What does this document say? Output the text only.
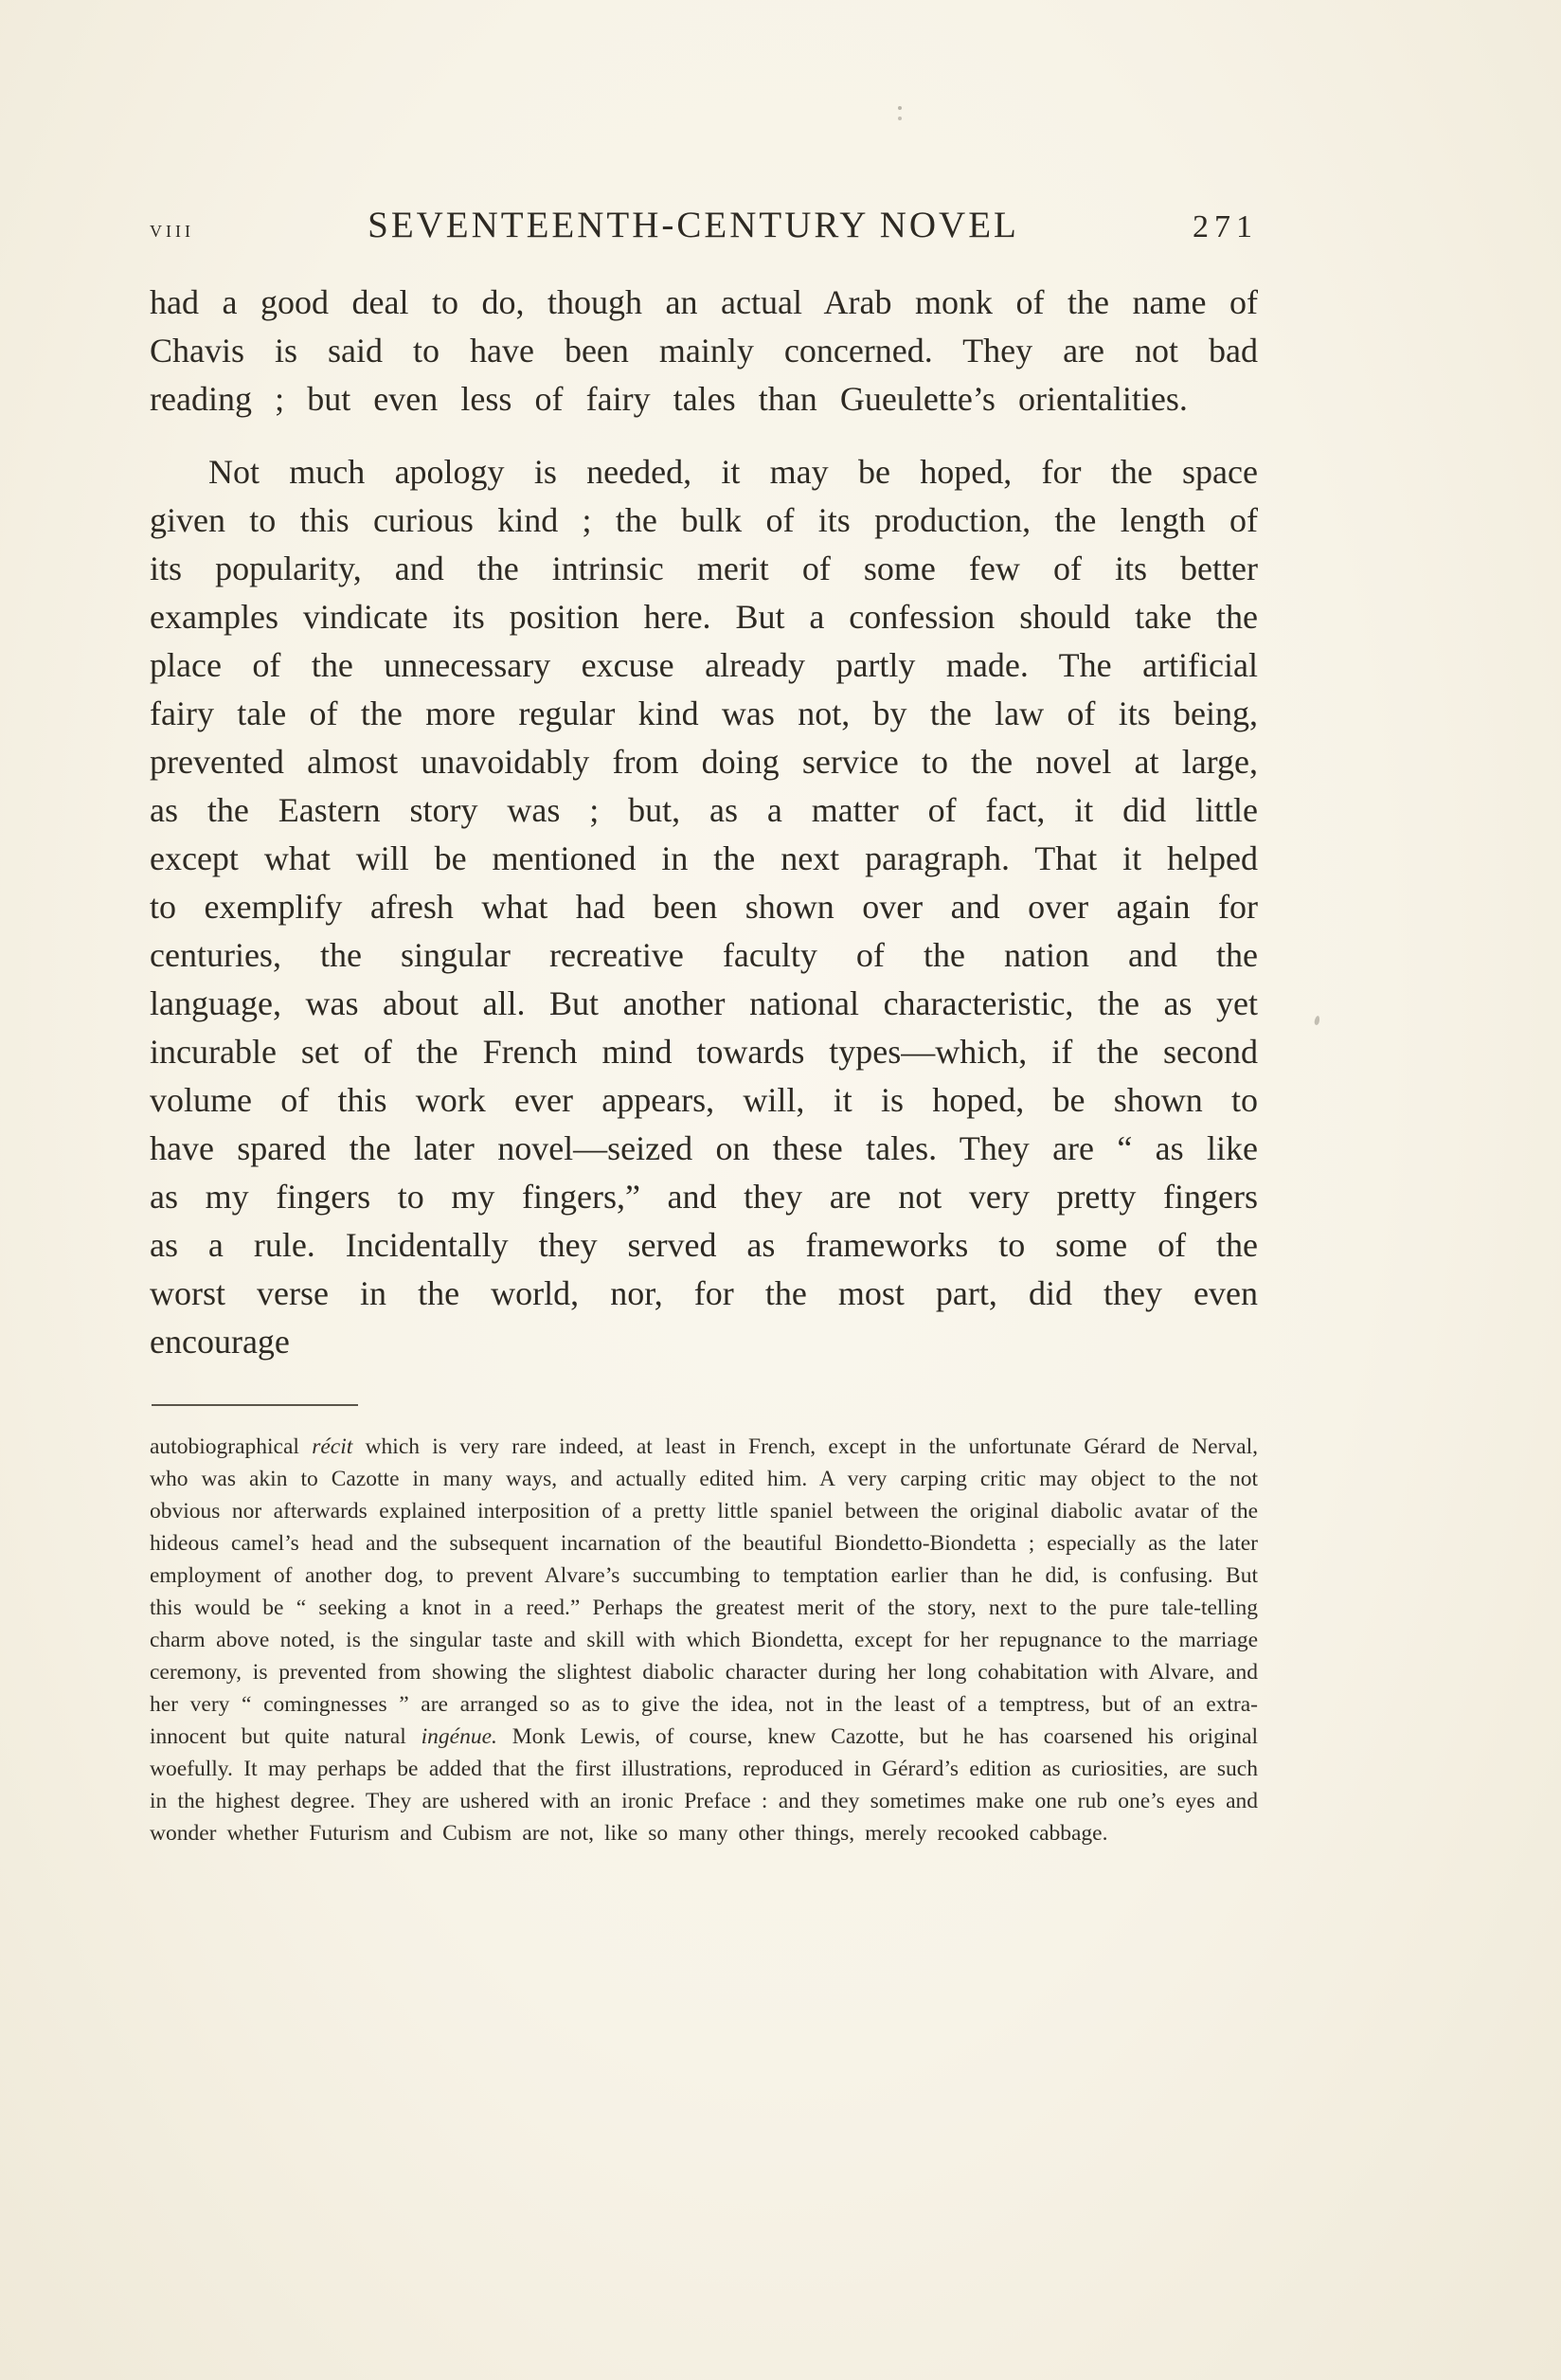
viii	SEVENTEENTH-CENTURY NOVEL	271

had a good deal to do, though an actual Arab monk of the name of Chavis is said to have been mainly concerned. They are not bad reading ; but even less of fairy tales than Gueulette’s orientalities.

Not much apology is needed, it may be hoped, for the space given to this curious kind ; the bulk of its production, the length of its popularity, and the intrinsic merit of some few of its better examples vindicate its position here. But a confession should take the place of the unnecessary excuse already partly made. The artificial fairy tale of the more regular kind was not, by the law of its being, prevented almost unavoidably from doing service to the novel at large, as the Eastern story was ; but, as a matter of fact, it did little except what will be mentioned in the next paragraph. That it helped to exemplify afresh what had been shown over and over again for centuries, the singular recreative faculty of the nation and the language, was about all. But another national characteristic, the as yet incurable set of the French mind towards types—which, if the second volume of this work ever appears, will, it is hoped, be shown to have spared the later novel—seized on these tales. They are “ as like as my fingers to my fingers,” and they are not very pretty fingers as a rule. Incidentally they served as frameworks to some of the worst verse in the world, nor, for the most part, did they even encourage

autobiographical récit which is very rare indeed, at least in French, except in the unfortunate Gérard de Nerval, who was akin to Cazotte in many ways, and actually edited him. A very carping critic may object to the not obvious nor afterwards explained interposition of a pretty little spaniel between the original diabolic avatar of the hideous camel’s head and the subsequent incarnation of the beautiful Biondetto-Biondetta ; especially as the later employment of another dog, to prevent Alvare’s succumbing to temptation earlier than he did, is confusing. But this would be “ seeking a knot in a reed.” Perhaps the greatest merit of the story, next to the pure tale-telling charm above noted, is the singular taste and skill with which Biondetta, except for her repugnance to the marriage ceremony, is prevented from showing the slightest diabolic character during her long cohabitation with Alvare, and her very “ comingnesses ” are arranged so as to give the idea, not in the least of a temptress, but of an extra-innocent but quite natural ingénue. Monk Lewis, of course, knew Cazotte, but he has coarsened his original woefully. It may perhaps be added that the first illustrations, reproduced in Gérard’s edition as curiosities, are such in the highest degree. They are ushered with an ironic Preface : and they sometimes make one rub one’s eyes and wonder whether Futurism and Cubism are not, like so many other things, merely recooked cabbage.
